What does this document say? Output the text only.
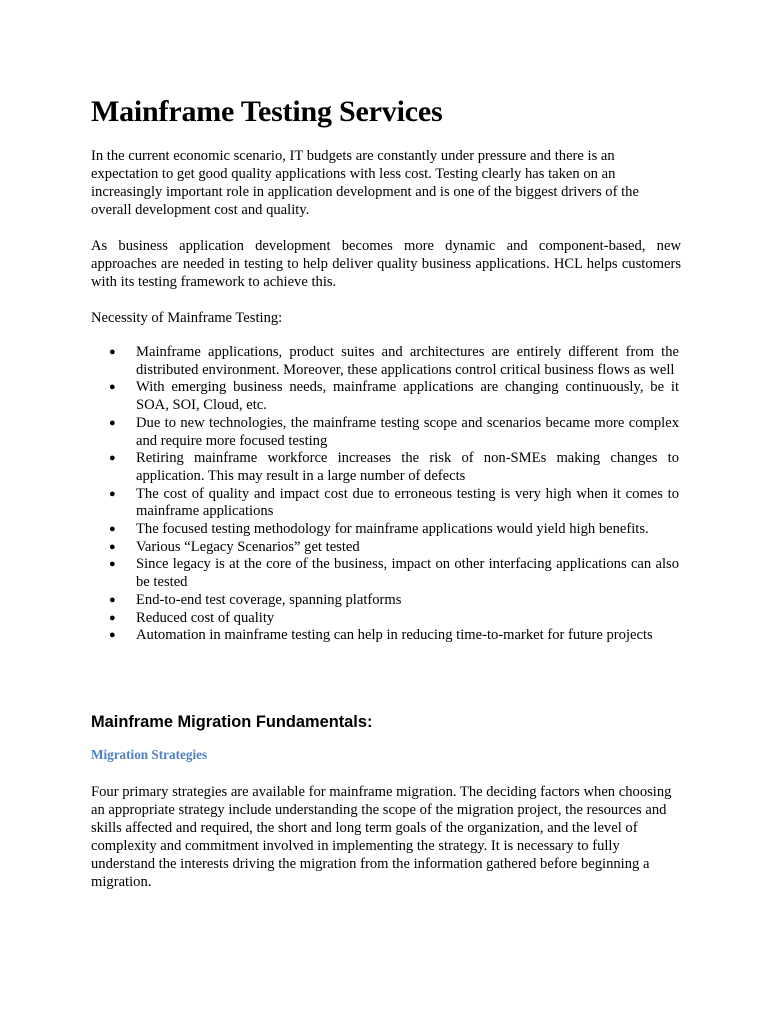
Mainframe Testing Services

In the current economic scenario, IT budgets are constantly under pressure and there is an expectation to get good quality applications with less cost. Testing clearly has taken on an increasingly important role in application development and is one of the biggest drivers of the overall development cost and quality.

As business application development becomes more dynamic and component-based, new approaches are needed in testing to help deliver quality business applications. HCL helps customers with its testing framework to achieve this.

Necessity of Mainframe Testing:

● Mainframe applications, product suites and architectures are entirely different from the distributed environment. Moreover, these applications control critical business flows as well
● With emerging business needs, mainframe applications are changing continuously, be it SOA, SOI, Cloud, etc.
● Due to new technologies, the mainframe testing scope and scenarios became more complex and require more focused testing
● Retiring mainframe workforce increases the risk of non-SMEs making changes to application. This may result in a large number of defects
● The cost of quality and impact cost due to erroneous testing is very high when it comes to mainframe applications
● The focused testing methodology for mainframe applications would yield high benefits.
● Various “Legacy Scenarios” get tested
● Since legacy is at the core of the business, impact on other interfacing applications can also be tested
● End-to-end test coverage, spanning platforms
● Reduced cost of quality
● Automation in mainframe testing can help in reducing time-to-market for future projects
Mainframe Migration Fundamentals:
Migration Strategies

Four primary strategies are available for mainframe migration. The deciding factors when choosing an appropriate strategy include understanding the scope of the migration project, the resources and skills affected and required, the short and long term goals of the organization, and the level of complexity and commitment involved in implementing the strategy. It is necessary to fully understand the interests driving the migration from the information gathered before beginning a migration.
